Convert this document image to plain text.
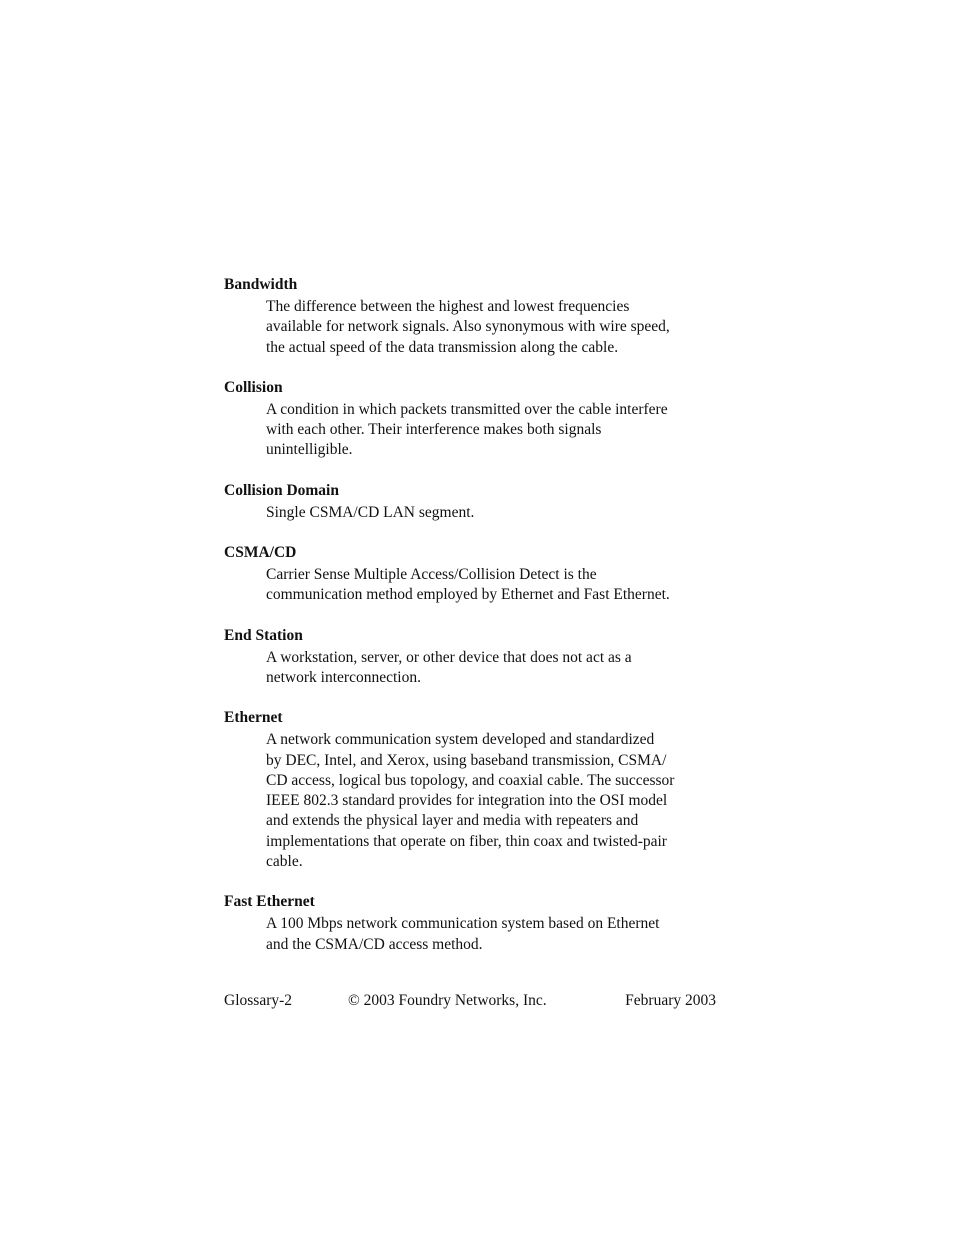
Bandwidth

The difference between the highest and lowest frequencies
available for network signals. Also synonymous with wire speed,
the actual speed of the data transmission along the cable.

Collision

A condition in which packets transmitted over the cable interfere
with each other. Their interference makes both signals
unintelligible.

Collision Domain

Single CSMA/CD LAN segment.

CSMA/CD

Carrier Sense Multiple Access/Collision Detect is the
communication method employed by Ethernet and Fast Ethernet.

End Station

A workstation, server, or other device that does not act as a
network interconnection.

Ethernet

A network communication system developed and standardized
by DEC, Intel, and Xerox, using baseband transmission, CSMA/
CD access, logical bus topology, and coaxial cable. The successor
IEEE 802.3 standard provides for integration into the OSI model
and extends the physical layer and media with repeaters and
implementations that operate on fiber, thin coax and twisted-pair
cable.

Fast Ethernet

A 100 Mbps network communication system based on Ethernet
and the CSMA/CD access method.

Glossary-2	© 2003 Foundry Networks, Inc.	February 2003
